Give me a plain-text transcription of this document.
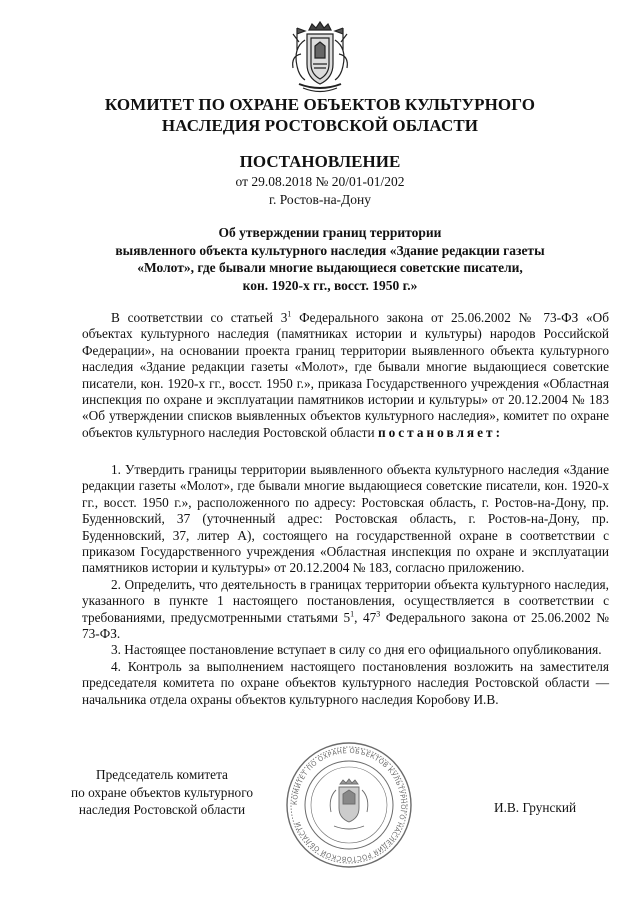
КОМИТЕТ ПО ОХРАНЕ ОБЪЕКТОВ КУЛЬТУРНОГО
НАСЛЕДИЯ РОСТОВСКОЙ ОБЛАСТИ
ПОСТАНОВЛЕНИЕ
от 29.08.2018 № 20/01-01/202
г. Ростов-на-Дону
Об утверждении границ территории
выявленного объекта культурного наследия «Здание редакции газеты
«Молот», где бывали многие выдающиеся советские писатели,
кон. 1920-х гг., восст. 1950 г.»

В соответствии со статьей $3^1$ Федерального закона от 25.06.2002 № 73-ФЗ «Об объектах культурного наследия (памятниках истории и культуры) народов Российской Федерации», на основании проекта границ территории выявленного объекта культурного наследия «Здание редакции газеты «Молот», где бывали многие выдающиеся советские писатели, кон. 1920-х гг., восст. 1950 г.», приказа Государственного учреждения «Областная инспекция по охране и эксплуатации памятников истории и культуры» от 20.12.2004 № 183 «Об утверждении списков выявленных объектов культурного наследия», комитет по охране объектов культурного наследия Ростовской области постановляет:

1. Утвердить границы территории выявленного объекта культурного наследия «Здание редакции газеты «Молот», где бывали многие выдающиеся советские писатели, кон. 1920-х гг., восст. 1950 г.», расположенного по адресу: Ростовская область, г. Ростов-на-Дону, пр. Буденновский, 37 (уточненный адрес: Ростовская область, г. Ростов-на-Дону, пр. Буденновский, 37, литер А), состоящего на государственной охране в соответствии с приказом Государственного учреждения «Областная инспекция по охране и эксплуатации памятников истории и культуры» от 20.12.2004 № 183, согласно приложению.

2. Определить, что деятельность в границах территории объекта культурного наследия, указанного в пункте 1 настоящего постановления, осуществляется в соответствии с требованиями, предусмотренными статьями $5^1$, $47^3$ Федерального закона от 25.06.2002 № 73-ФЗ.

3. Настоящее постановление вступает в силу со дня его официального опубликования.

4. Контроль за выполнением настоящего постановления возложить на заместителя председателя комитета по охране объектов культурного наследия Ростовской области — начальника отдела охраны объектов культурного наследия Коробову И.В.

Председатель комитета
по охране объектов культурного
наследия Ростовской области	КОМИТЕТ ПО ОХРАНЕ ОБЪЕКТОВ КУЛЬТУРНОГО НАСЛЕДИЯ РОСТОВСКОЙ ОБЛАСТИ
И.В. Грунский
